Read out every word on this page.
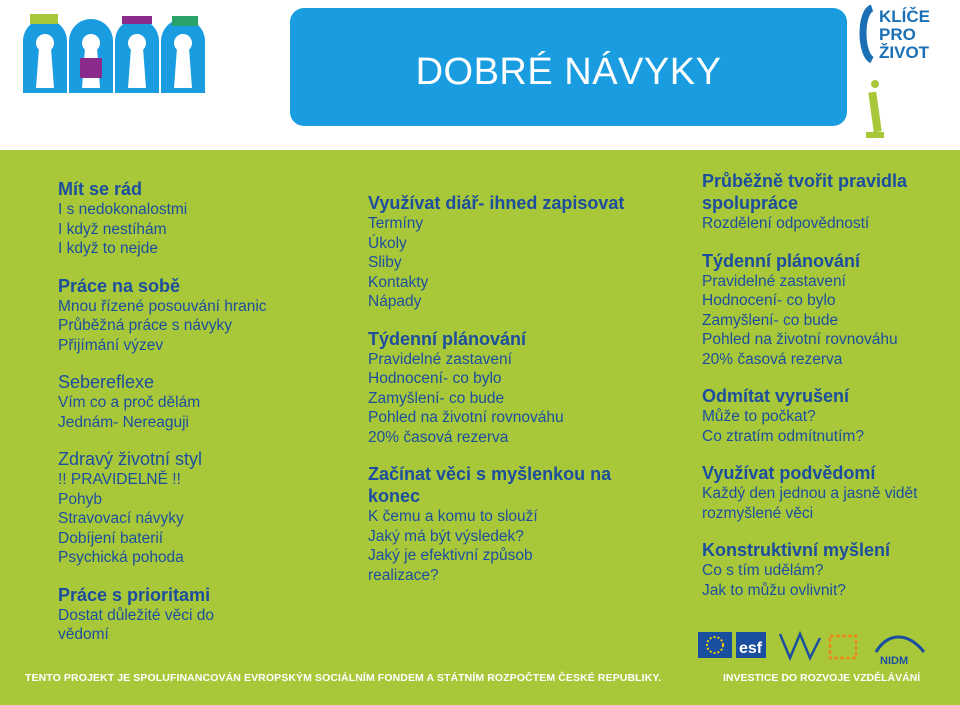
DOBRÉ NÁVYKY
KLÍČE
PRO
ŽIVOT
Mít se rád
I s nedokonalostmi
I když nestíhám
I když to nejde
Práce na sobě
Mnou řízené posouvání hranic
Průběžná práce s návyky
Přijímání výzev
Sebereflexe
Vím co a proč dělám
Jednám- Nereaguji
Zdravý životní styl
!! PRAVIDELNĚ !!
Pohyb
Stravovací návyky
Dobíjení baterií
Psychická pohoda
Práce s prioritami
Dostat důležité věci do
vědomí
Využívat diář- ihned zapisovat
Termíny
Úkoly
Sliby
Kontakty
Nápady
Týdenní plánování
Pravidelné zastavení
Hodnocení- co bylo
Zamyšlení- co bude
Pohled na životní rovnováhu
20% časová rezerva
Začínat věci s myšlenkou na konec
K čemu a komu to slouží
Jaký má být výsledek?
Jaký je efektivní způsob
realizace?
Průběžně tvořit pravidla spolupráce
Rozdělení odpovědností
Týdenní plánování
Pravidelné zastavení
Hodnocení- co bylo
Zamyšlení- co bude
Pohled na životní rovnováhu
20% časová rezerva
Odmítat vyrušení
Může to počkat?
Co ztratím odmítnutím?
Využívat podvědomí
Každý den jednou a jasně vidět
rozmyšlené věci
Konstruktivní myšlení
Co s tím udělám?
Jak to můžu ovlivnit?
esf
NIDM
TENTO PROJEKT JE SPOLUFINANCOVÁN EVROPSKÝM SOCIÁLNÍM FONDEM A STÁTNÍM ROZPOČTEM ČESKÉ REPUBLIKY.	INVESTICE DO ROZVOJE VZDĚLÁVÁNÍ
